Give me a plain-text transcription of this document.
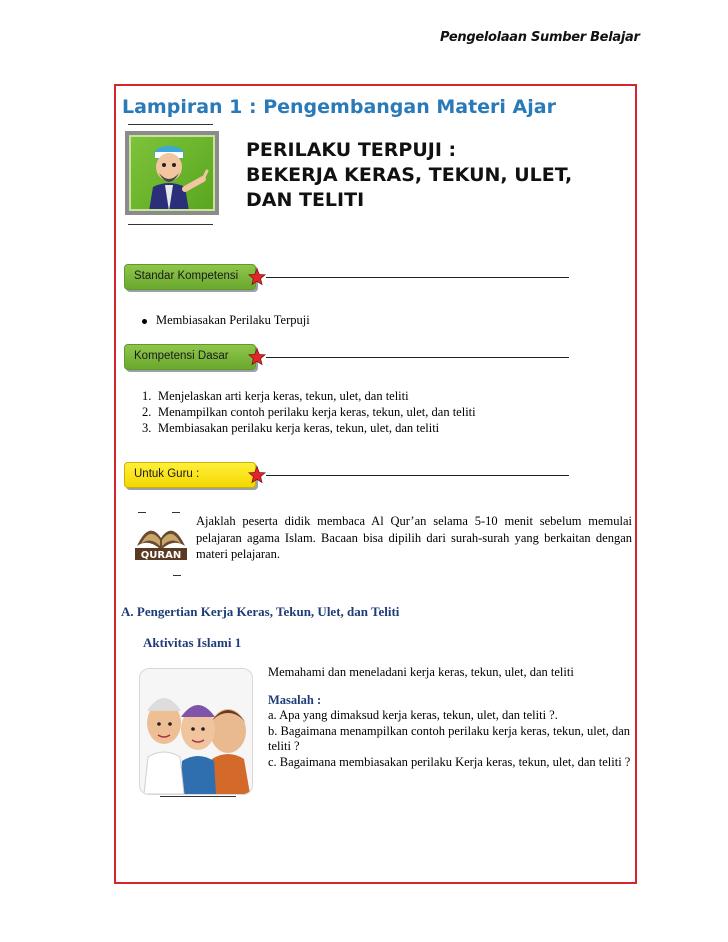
Pengelolaan Sumber Belajar
Lampiran 1 : Pengembangan Materi Ajar
PERILAKU TERPUJI :
BEKERJA KERAS, TEKUN, ULET,
DAN TELITI
Standar Kompetensi
Membiasakan Perilaku Terpuji
Kompetensi Dasar
1. Menjelaskan arti kerja keras, tekun, ulet, dan teliti
2. Menampilkan contoh perilaku kerja keras, tekun, ulet, dan teliti
3. Membiasakan perilaku kerja keras, tekun, ulet, dan teliti
Untuk Guru :
QURAN
Ajaklah peserta didik membaca Al Qur’an selama 5-10 menit sebelum memulai pelajaran agama Islam. Bacaan bisa dipilih dari surah-surah yang berkaitan dengan materi pelajaran.
A. Pengertian Kerja Keras, Tekun, Ulet, dan Teliti
Aktivitas Islami 1
Memahami dan meneladani kerja keras, tekun, ulet, dan teliti
Masalah :
a. Apa yang dimaksud kerja keras, tekun, ulet, dan teliti ?.
b. Bagaimana menampilkan contoh perilaku kerja keras, tekun, ulet, dan teliti ?
c. Bagaimana membiasakan perilaku Kerja keras, tekun, ulet, dan teliti ?
